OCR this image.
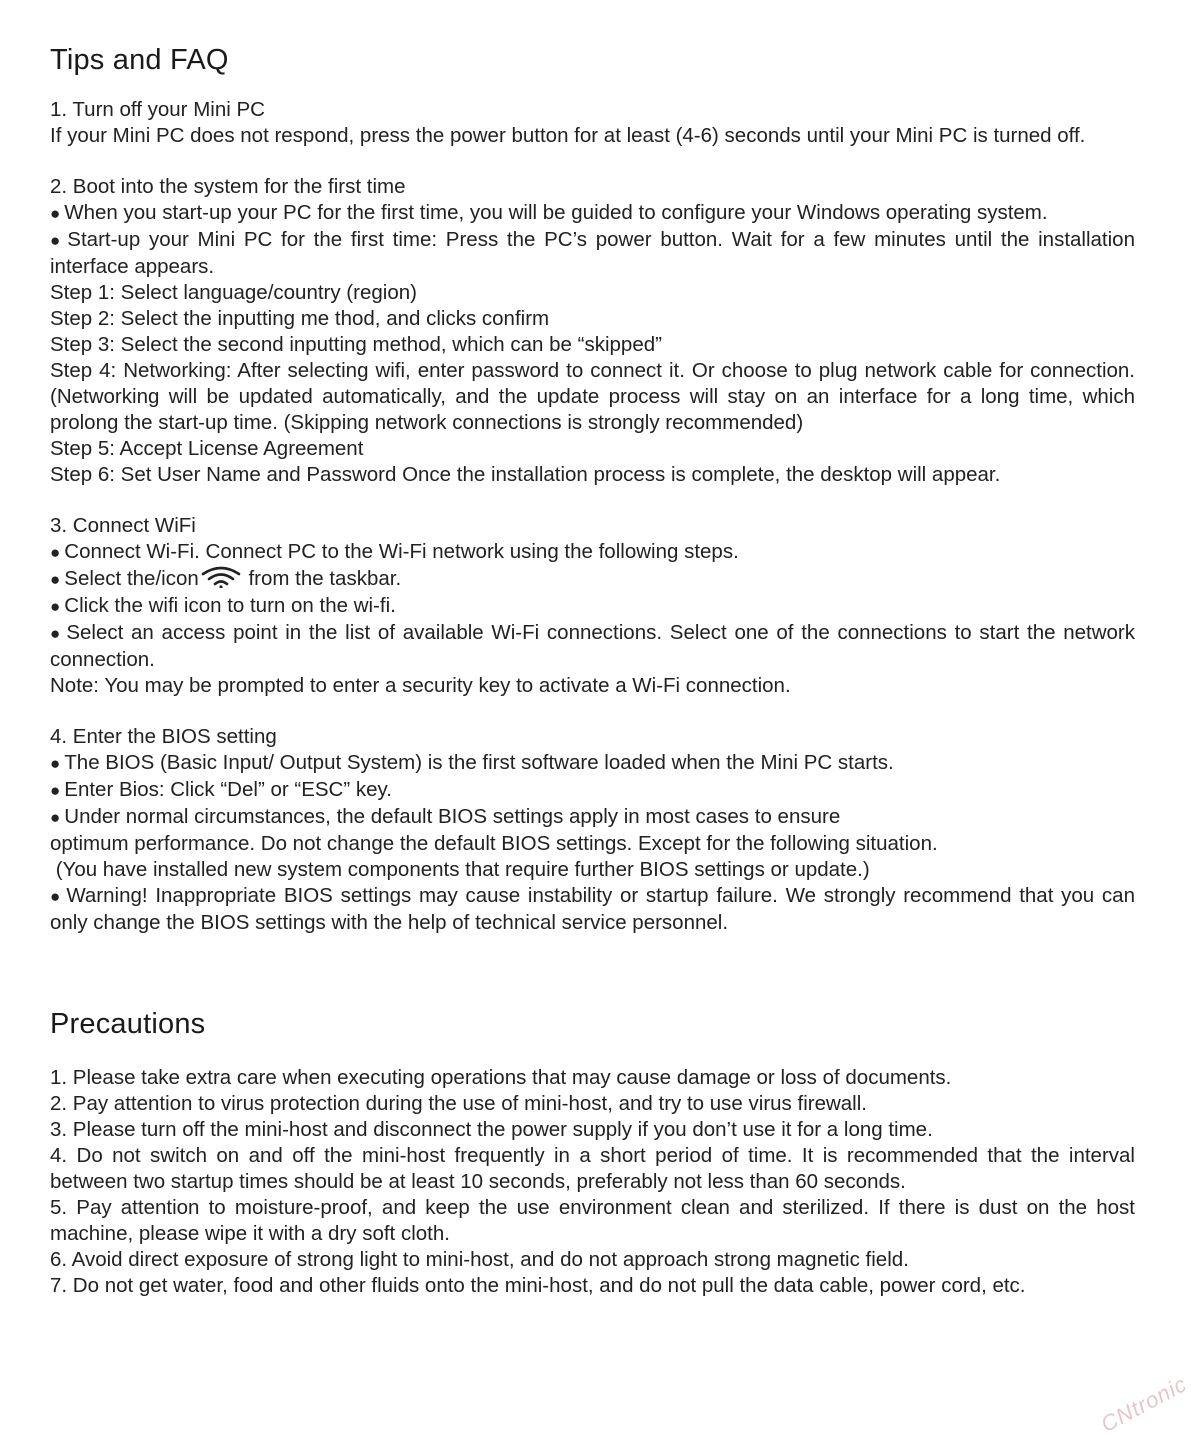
Tips and FAQ

1. Turn off your Mini PC

If your Mini PC does not respond, press the power button for at least (4-6) seconds until your Mini PC is turned off.

2. Boot into the system for the first time

● When you start-up your PC for the first time, you will be guided to configure your Windows operating system.

● Start-up your Mini PC for the first time: Press the PC’s power button. Wait for a few minutes until the installation interface appears.

Step 1: Select language/country (region)

Step 2: Select the inputting me thod, and clicks confirm

Step 3: Select the second inputting method, which can be “skipped”

Step 4: Networking: After selecting wifi, enter password to connect it. Or choose to plug network cable for connection. (Networking will be updated automatically, and the update process will stay on an interface for a long time, which prolong the start-up time. (Skipping network connections is strongly recommended)

Step 5: Accept License Agreement

Step 6: Set User Name and Password Once the installation process is complete, the desktop will appear.

3. Connect WiFi

● Connect Wi-Fi. Connect PC to the Wi-Fi network using the following steps.

● Select the/icon
from the taskbar.

● Click the wifi icon to turn on the wi-fi.

● Select an access point in the list of available Wi-Fi connections. Select one of the connections to start the network connection.

Note: You may be prompted to enter a security key to activate a Wi-Fi connection.

4. Enter the BIOS setting

● The BIOS (Basic Input/ Output System) is the first software loaded when the Mini PC starts.

● Enter Bios: Click “Del” or “ESC” key.

● Under normal circumstances, the default BIOS settings apply in most cases to ensure

optimum performance. Do not change the default BIOS settings. Except for the following situation.

(You have installed new system components that require further BIOS settings or update.)

● Warning! Inappropriate BIOS settings may cause instability or startup failure. We strongly recommend that you can only change the BIOS settings with the help of technical service personnel.

Precautions

1. Please take extra care when executing operations that may cause damage or loss of documents.

2. Pay attention to virus protection during the use of mini-host, and try to use virus firewall.

3. Please turn off the mini-host and disconnect the power supply if you don’t use it for a long time.

4. Do not switch on and off the mini-host frequently in a short period of time. It is recommended that the interval between two startup times should be at least 10 seconds, preferably not less than 60 seconds.

5. Pay attention to moisture-proof, and keep the use environment clean and sterilized. If there is dust on the host machine, please wipe it with a dry soft cloth.

6. Avoid direct exposure of strong light to mini-host, and do not approach strong magnetic field.

7. Do not get water, food and other fluids onto the mini-host, and do not pull the data cable, power cord, etc.

CNtronic
